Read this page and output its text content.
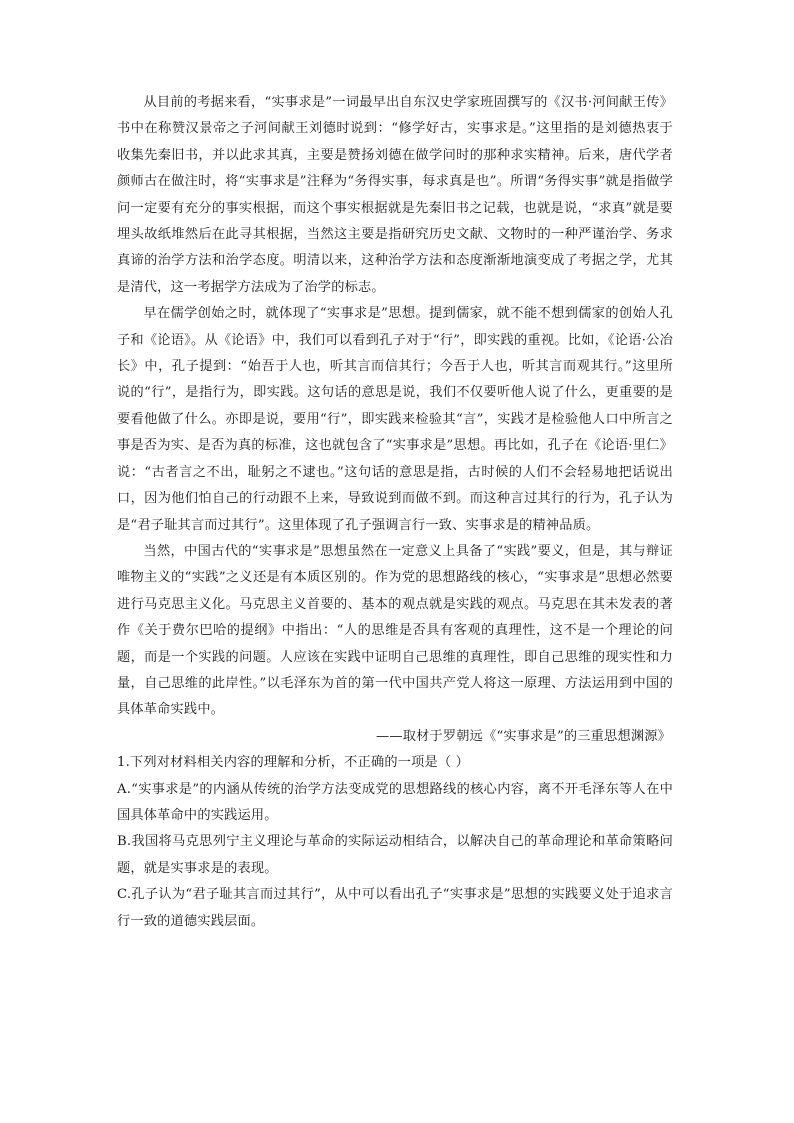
从目前的考据来看，“实事求是”一词最早出自东汉史学家班固撰写的《汉书·河间献王传》书中在称赞汉景帝之子河间献王刘德时说到：“修学好古，实事求是。”这里指的是刘德热衷于收集先秦旧书，并以此求其真，主要是赞扬刘德在做学问时的那种求实精神。后来，唐代学者颜师古在做注时，将“实事求是”注释为“务得实事，每求真是也”。所谓“务得实事”就是指做学问一定要有充分的事实根据，而这个事实根据就是先秦旧书之记载，也就是说，“求真”就是要埋头故纸堆然后在此寻其根据，当然这主要是指研究历史文献、文物时的一种严谨治学、务求真谛的治学方法和治学态度。明清以来，这种治学方法和态度渐渐地演变成了考据之学，尤其是清代，这一考据学方法成为了治学的标志。

早在儒学创始之时，就体现了“实事求是”思想。提到儒家，就不能不想到儒家的创始人孔子和《论语》。从《论语》中，我们可以看到孔子对于“行”，即实践的重视。比如，《论语·公冶长》中，孔子提到：“始吾于人也，听其言而信其行；今吾于人也，听其言而观其行。”这里所说的“行”，是指行为，即实践。这句话的意思是说，我们不仅要听他人说了什么，更重要的是要看他做了什么。亦即是说，要用“行”，即实践来检验其“言”，实践才是检验他人口中所言之事是否为实、是否为真的标准，这也就包含了“实事求是”思想。再比如，孔子在《论语·里仁》说：“古者言之不出，耻躬之不逮也。”这句话的意思是指，古时候的人们不会轻易地把话说出口，因为他们怕自己的行动跟不上来，导致说到而做不到。而这种言过其行的行为，孔子认为是“君子耻其言而过其行”。这里体现了孔子强调言行一致、实事求是的精神品质。

当然，中国古代的“实事求是”思想虽然在一定意义上具备了“实践”要义，但是，其与辩证唯物主义的“实践”之义还是有本质区别的。作为党的思想路线的核心，“实事求是”思想必然要进行马克思主义化。马克思主义首要的、基本的观点就是实践的观点。马克思在其未发表的著作《关于费尔巴哈的提纲》中指出：“人的思维是否具有客观的真理性，这不是一个理论的问题，而是一个实践的问题。人应该在实践中证明自己思维的真理性，即自己思维的现实性和力量，自己思维的此岸性。”以毛泽东为首的第一代中国共产党人将这一原理、方法运用到中国的具体革命实践中。

——取材于罗朝远《“实事求是”的三重思想渊源》

1.下列对材料相关内容的理解和分析，不正确的一项是（ ）

A.“实事求是”的内涵从传统的治学方法变成党的思想路线的核心内容，离不开毛泽东等人在中国具体革命中的实践运用。

B.我国将马克思列宁主义理论与革命的实际运动相结合，以解决自己的革命理论和革命策略问题，就是实事求是的表现。

C.孔子认为“君子耻其言而过其行”，从中可以看出孔子“实事求是”思想的实践要义处于追求言行一致的道德实践层面。
